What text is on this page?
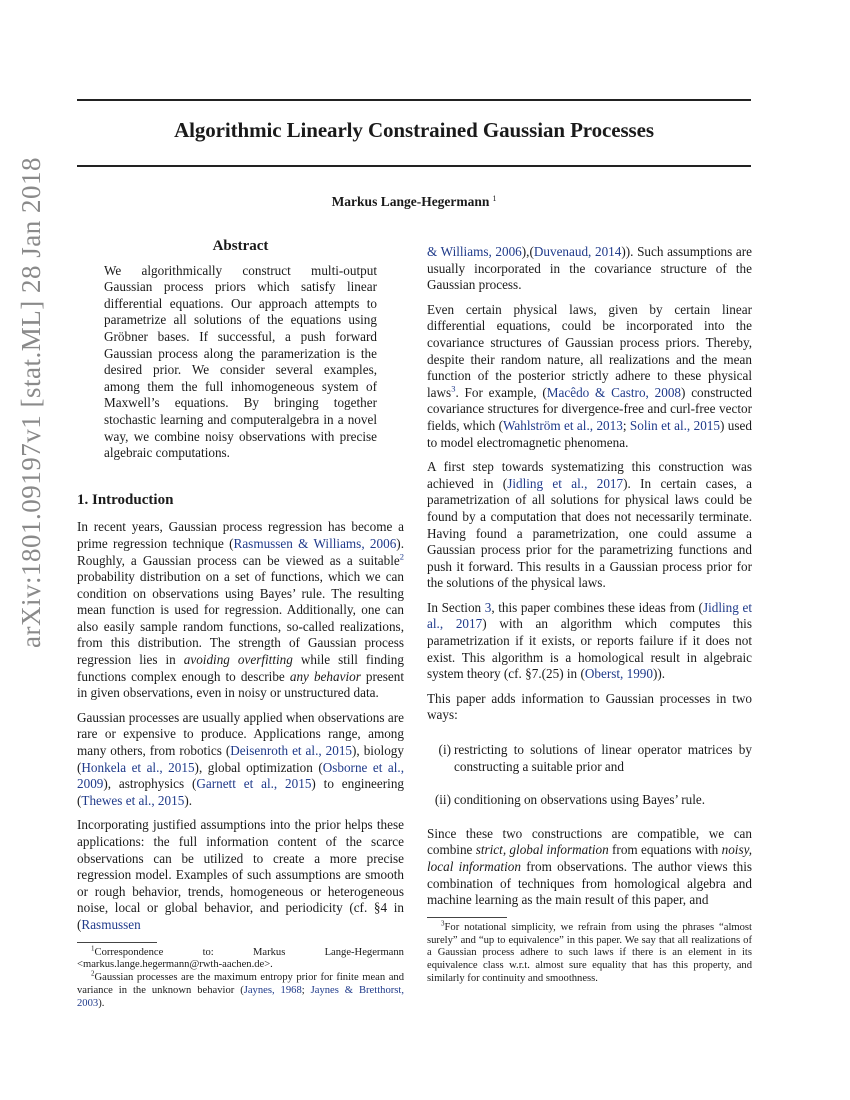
arXiv:1801.09197v1 [stat.ML] 28 Jan 2018
Algorithmic Linearly Constrained Gaussian Processes
Markus Lange-Hegermann $^1$
Abstract

We algorithmically construct multi-output Gaussian process priors which satisfy linear differential equations. Our approach attempts to parametrize all solutions of the equations using Gröbner bases. If successful, a push forward Gaussian process along the paramerization is the desired prior. We consider several examples, among them the full inhomogeneous system of Maxwell’s equations. By bringing together stochastic learning and computeralgebra in a novel way, we combine noisy observations with precise algebraic computations.

1. Introduction

In recent years, Gaussian process regression has become a prime regression technique (Rasmussen & Williams, 2006). Roughly, a Gaussian process can be viewed as a suitable$^2$ probability distribution on a set of functions, which we can condition on observations using Bayes’ rule. The resulting mean function is used for regression. Additionally, one can also easily sample random functions, so-called realizations, from this distribution. The strength of Gaussian process regression lies in avoiding overfitting while still finding functions complex enough to describe any behavior present in given observations, even in noisy or unstructured data.

Gaussian processes are usually applied when observations are rare or expensive to produce. Applications range, among many others, from robotics (Deisenroth et al., 2015), biology (Honkela et al., 2015), global optimization (Osborne et al., 2009), astrophysics (Garnett et al., 2015) to engineering (Thewes et al., 2015).

Incorporating justified assumptions into the prior helps these applications: the full information content of the scarce observations can be utilized to create a more precise regression model. Examples of such assumptions are smooth or rough behavior, trends, homogeneous or heterogeneous noise, local or global behavior, and periodicity (cf. §4 in (Rasmussen

$^1$Correspondence	to:	Markus	Lange-Hegermann
<markus.lange.hegermann@rwth-aachen.de>.

$^2$Gaussian processes are the maximum entropy prior for finite mean and variance in the unknown behavior (Jaynes, 1968; Jaynes & Bretthorst, 2003).

& Williams, 2006),(Duvenaud, 2014)). Such assumptions are usually incorporated in the covariance structure of the Gaussian process.

Even certain physical laws, given by certain linear differential equations, could be incorporated into the covariance structures of Gaussian process priors. Thereby, despite their random nature, all realizations and the mean function of the posterior strictly adhere to these physical laws$^3$. For example, (Macêdo & Castro, 2008) constructed covariance structures for divergence-free and curl-free vector fields, which (Wahlström et al., 2013; Solin et al., 2015) used to model electromagnetic phenomena.

A first step towards systematizing this construction was achieved in (Jidling et al., 2017). In certain cases, a parametrization of all solutions for physical laws could be found by a computation that does not necessarily terminate. Having found a parametrization, one could assume a Gaussian process prior for the parametrizing functions and push it forward. This results in a Gaussian process prior for the solutions of the physical laws.

In Section 3, this paper combines these ideas from (Jidling et al., 2017) with an algorithm which computes this parametrization if it exists, or reports failure if it does not exist. This algorithm is a homological result in algebraic system theory (cf. §7.(25) in (Oberst, 1990)).

This paper adds information to Gaussian processes in two ways:

(i) restricting to solutions of linear operator matrices by constructing a suitable prior and
(ii) conditioning on observations using Bayes’ rule.

Since these two constructions are compatible, we can combine strict, global information from equations with noisy, local information from observations. The author views this combination of techniques from homological algebra and machine learning as the main result of this paper, and

$^3$For notational simplicity, we refrain from using the phrases “almost surely” and “up to equivalence” in this paper. We say that all realizations of a Gaussian process adhere to such laws if there is an element in its equivalence class w.r.t. almost sure equality that has this property, and similarly for continuity and smoothness.
